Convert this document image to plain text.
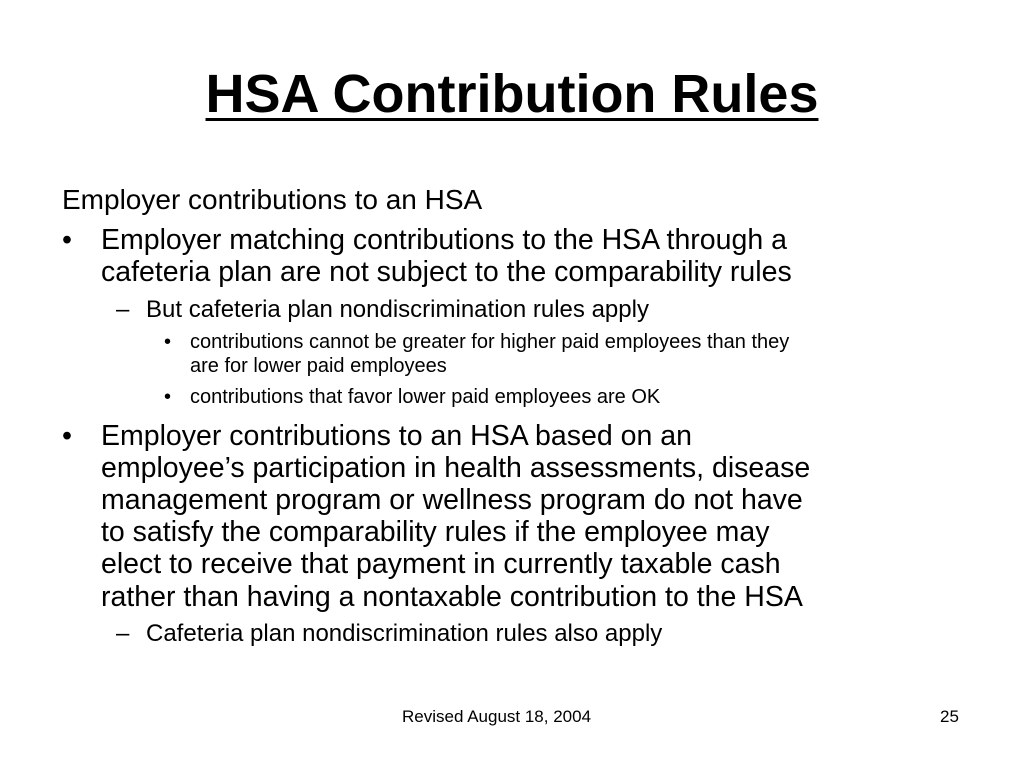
HSA Contribution Rules
Employer contributions to an HSA
• Employer matching contributions to the HSA through a
cafeteria plan are not subject to the comparability rules
– But cafeteria plan nondiscrimination rules apply
• contributions cannot be greater for higher paid employees than they
are for lower paid employees
• contributions that favor lower paid employees are OK
• Employer contributions to an HSA based on an
employee’s participation in health assessments, disease
management program or wellness program do not have
to satisfy the comparability rules if the employee may
elect to receive that payment in currently taxable cash
rather than having a nontaxable contribution to the HSA
– Cafeteria plan nondiscrimination rules also apply
Revised August 18, 2004	25
